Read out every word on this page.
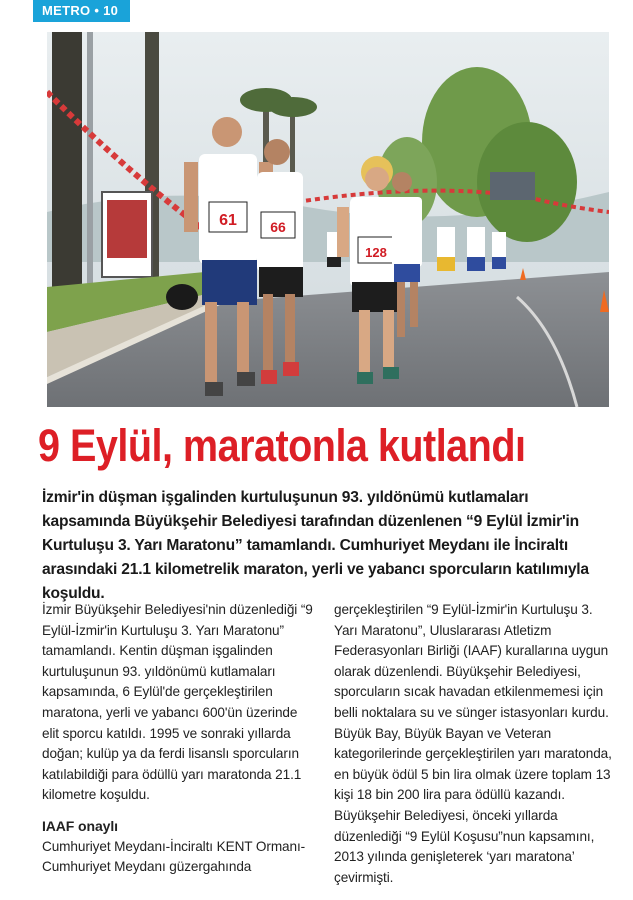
METRO • 10
61 66
128
9 Eylül, maratonla kutlandı

İzmir'in düşman işgalinden kurtuluşunun 93. yıldönümü kutlamaları kapsamında Büyükşehir Belediyesi tarafından düzenlenen “9 Eylül İzmir'in Kurtuluşu 3. Yarı Maratonu” tamamlandı. Cumhuriyet Meydanı ile İnciraltı arasındaki 21.1 kilometrelik maraton, yerli ve yabancı sporcuların katılımıyla koşuldu.

İzmir Büyükşehir Belediyesi'nin düzenlediği “9 Eylül-İzmir'in Kurtuluşu 3. Yarı Maratonu” tamamlandı. Kentin düşman işgalinden kurtuluşunun 93. yıldönümü kutlamaları kapsamında, 6 Eylül'de gerçekleştirilen maratona, yerli ve yabancı 600'ün üzerinde elit sporcu katıldı. 1995 ve sonraki yıllarda doğan; kulüp ya da ferdi lisanslı sporcuların katılabildiği para ödüllü yarı maratonda 21.1 kilometre koşuldu.

IAAF onaylı

Cumhuriyet Meydanı-İnciraltı KENT Ormanı-Cumhuriyet Meydanı güzergahında

gerçekleştirilen “9 Eylül-İzmir'in Kurtuluşu 3. Yarı Maratonu”, Uluslararası Atletizm Federasyonları Birliği (IAAF) kurallarına uygun olarak düzenlendi. Büyükşehir Belediyesi, sporcuların sıcak havadan etkilenmemesi için belli noktalara su ve sünger istasyonları kurdu. Büyük Bay, Büyük Bayan ve Veteran kategorilerinde gerçekleştirilen yarı maratonda, en büyük ödül 5 bin lira olmak üzere toplam 13 kişi 18 bin 200 lira para ödüllü kazandı. Büyükşehir Belediyesi, önceki yıllarda düzenlediği “9 Eylül Koşusu”nun kapsamını, 2013 yılında genişleterek ‘yarı maratona’ çevirmişti.
